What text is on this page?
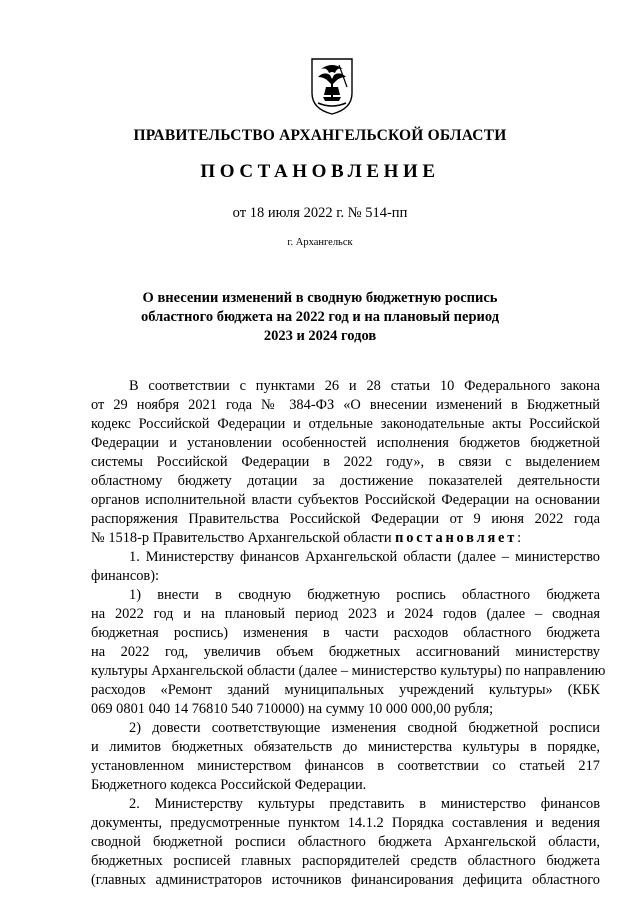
ПРАВИТЕЛЬСТВО АРХАНГЕЛЬСКОЙ ОБЛАСТИ
ПОСТАНОВЛЕНИЕ
от 18 июля 2022 г. № 514-пп
г. Архангельск
О внесении изменений в сводную бюджетную роспись
областного бюджета на 2022 год и на плановый период
2023 и 2024 годов
В соответствии с пунктами 26 и 28 статьи 10 Федерального закона
от 29 ноября 2021 года № 384-ФЗ «О внесении изменений в Бюджетный
кодекс Российской Федерации и отдельные законодательные акты Российской
Федерации и установлении особенностей исполнения бюджетов бюджетной
системы Российской Федерации в 2022 году», в связи с выделением
областному бюджету дотации за достижение показателей деятельности
органов исполнительной власти субъектов Российской Федерации на основании
распоряжения Правительства Российской Федерации от 9 июня 2022 года
№ 1518-р Правительство Архангельской области постановляет:
1. Министерству финансов Архангельской области (далее – министерство
финансов):
1) внести в сводную бюджетную роспись областного бюджета
на 2022 год и на плановый период 2023 и 2024 годов (далее – сводная
бюджетная роспись) изменения в части расходов областного бюджета
на 2022 год, увеличив объем бюджетных ассигнований министерству
культуры Архангельской области (далее – министерство культуры) по направлению
расходов «Ремонт зданий муниципальных учреждений культуры» (КБК
069 0801 040 14 76810 540 710000) на сумму 10 000 000,00 рубля;
2) довести соответствующие изменения сводной бюджетной росписи
и лимитов бюджетных обязательств до министерства культуры в порядке,
установленном министерством финансов в соответствии со статьей 217
Бюджетного кодекса Российской Федерации.
2. Министерству культуры представить в министерство финансов
документы, предусмотренные пунктом 14.1.2 Порядка составления и ведения
сводной бюджетной росписи областного бюджета Архангельской области,
бюджетных росписей главных распорядителей средств областного бюджета
(главных администраторов источников финансирования дефицита областного
